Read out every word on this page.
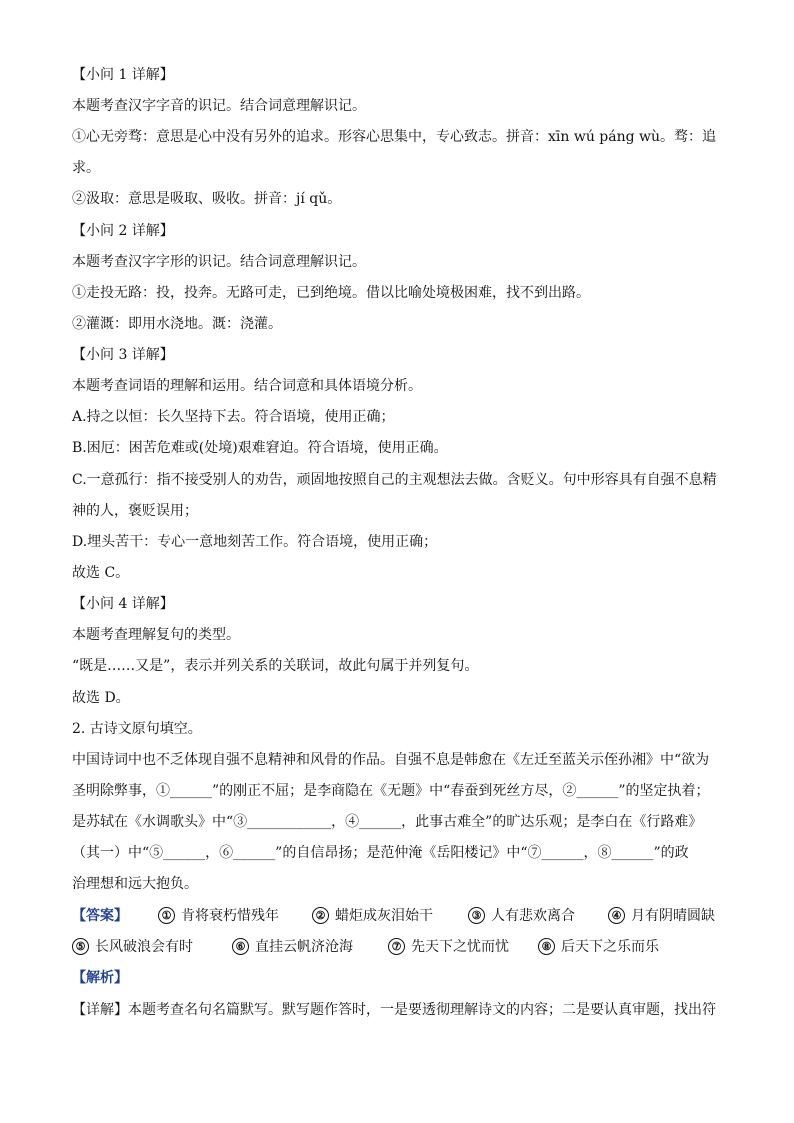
【小问 1 详解】
本题考查汉字字音的识记。结合词意理解识记。
①心无旁骛：意思是心中没有另外的追求。形容心思集中，专心致志。拼音：xīn wú páng wù。骛：追
求。
②汲取：意思是吸取、吸收。拼音：jí qǔ。
【小问 2 详解】
本题考查汉字字形的识记。结合词意理解识记。
①走投无路：投，投奔。无路可走，已到绝境。借以比喻处境极困难，找不到出路。
②灌溉：即用水浇地。溉：浇灌。
【小问 3 详解】
本题考查词语的理解和运用。结合词意和具体语境分析。
A.持之以恒：长久坚持下去。符合语境，使用正确；
B.困厄：困苦危难或(处境)艰难窘迫。符合语境，使用正确。
C.一意孤行：指不接受别人的劝告，顽固地按照自己的主观想法去做。含贬义。句中形容具有自强不息精
神的人，褒贬误用；
D.埋头苦干：专心一意地刻苦工作。符合语境，使用正确；
故选 C。
【小问 4 详解】
本题考查理解复句的类型。
“既是……又是”，表示并列关系的关联词，故此句属于并列复句。
故选 D。
2. 古诗文原句填空。
中国诗词中也不乏体现自强不息精神和风骨的作品。自强不息是韩愈在《左迁至蓝关示侄孙湘》中“欲为
圣明除弊事，①______”的刚正不屈；是李商隐在《无题》中“春蚕到死丝方尽，②______”的坚定执着；
是苏轼在《水调歌头》中“③____________，④______，此事古难全”的旷达乐观；是李白在《行路难》
（其一）中“⑤______，⑥______”的自信昂扬；是范仲淹《岳阳楼记》中“⑦______，⑧______”的政
治理想和远大抱负。
【答案】	① 肯将衰朽惜残年	② 蜡炬成灰泪始干	③ 人有悲欢离合	④ 月有阴晴圆缺
⑤ 长风破浪会有时	⑥ 直挂云帆济沧海	⑦ 先天下之忧而忧	⑧ 后天下之乐而乐
【解析】
【详解】本题考查名句名篇默写。默写题作答时，一是要透彻理解诗文的内容；二是要认真审题，找出符
